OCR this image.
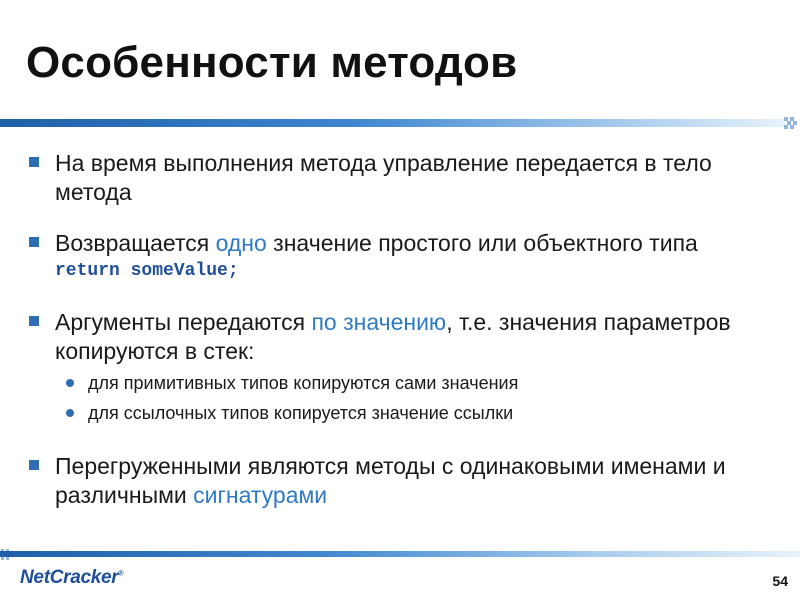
Особенности методов
На время выполнения метода управление передается в тело метода
Возвращается одно значение простого или объектного типа
return someValue;
Аргументы передаются по значению, т.е. значения параметров копируются в стек:
для примитивных типов копируются сами значения
для ссылочных типов копируется значение ссылки
Перегруженными являются методы с одинаковыми именами и различными сигнатурами
NetCracker®	54
